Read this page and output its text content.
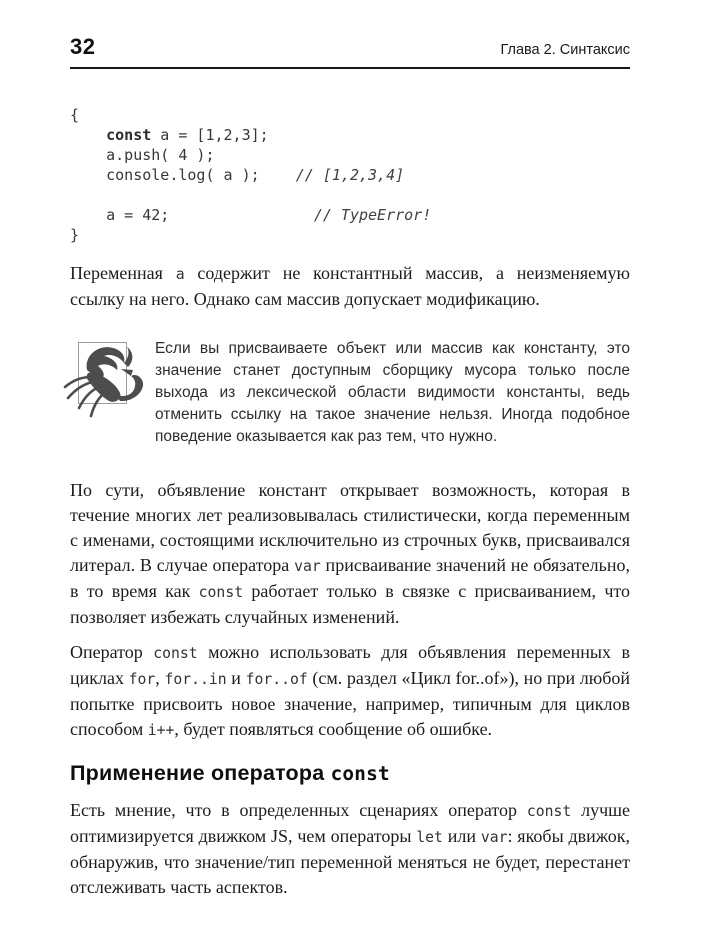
32	Глава 2. Синтаксис
{
const a = [1,2,3];
a.push( 4 );
console.log( a );    // [1,2,3,4]

a = 42;                // TypeError!
}

Переменная a содержит не константный массив, а неизменяемую ссылку на него. Однако сам массив допускает модификацию.

Если вы присваиваете объект или массив как константу, это значение станет доступным сборщику мусора только после выхода из лексической области видимости константы, ведь отменить ссылку на такое значение нельзя. Иногда подобное поведение оказывается как раз тем, что нужно.

По сути, объявление констант открывает возможность, которая в течение многих лет реализовывалась стилистически, когда переменным с именами, состоящими исключительно из строчных букв, присваивался литерал. В случае оператора var присваивание значений не обязательно, в то время как const работает только в связке с присваиванием, что позволяет избежать случайных изменений.

Оператор const можно использовать для объявления переменных в циклах for, for..in и for..of (см. раздел «Цикл for..of»), но при любой попытке присвоить новое значение, например, типичным для циклов способом i++, будет появляться сообщение об ошибке.

Применение оператора const

Есть мнение, что в определенных сценариях оператор const лучше оптимизируется движком JS, чем операторы let или var: якобы движок, обнаружив, что значение/тип переменной меняться не будет, перестанет отслеживать часть аспектов.
